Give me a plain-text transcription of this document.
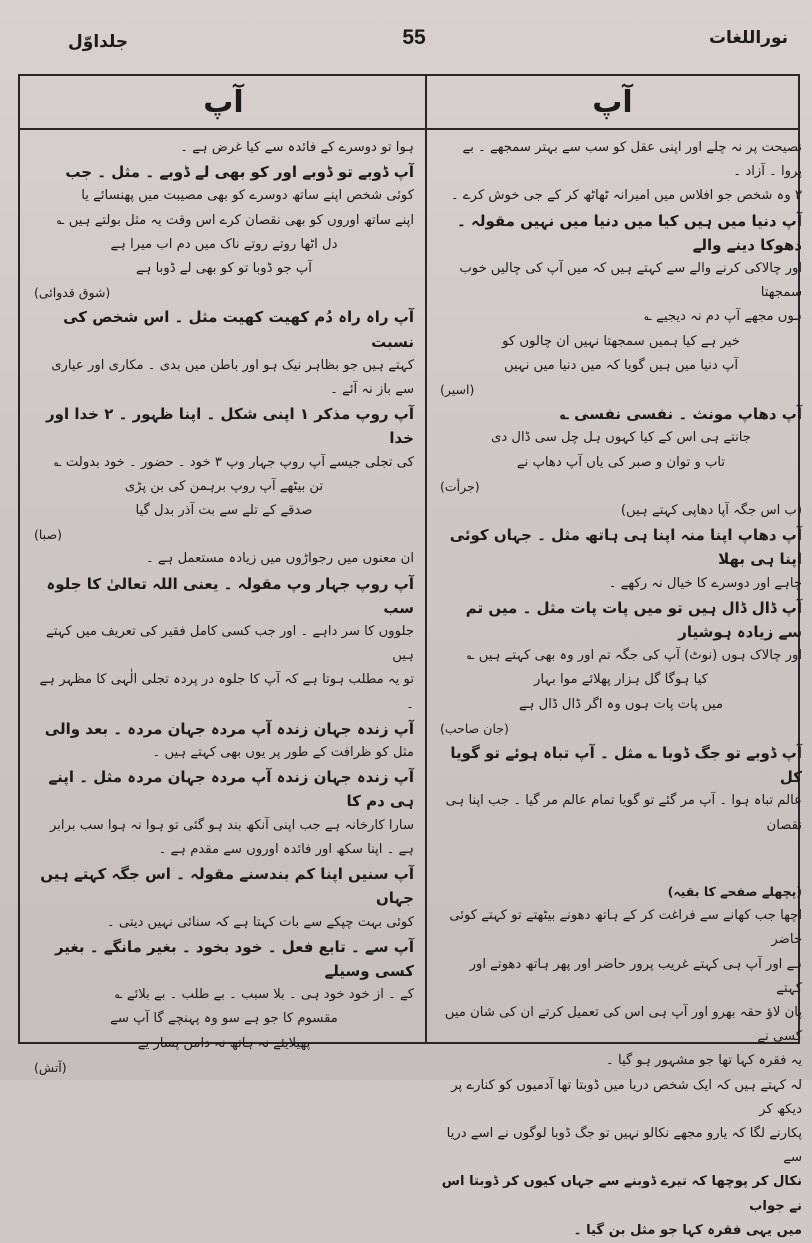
جلداوّل	55	نوراللغات
آپ	آپ

نصیحت پر نہ چلے اور اپنی عقل کو سب سے بہتر سمجھے ۔ بے پروا ۔ آزاد ۔

۳ وہ شخص جو افلاس میں امیرانہ ٹھاٹھ کر کے جی خوش کرے ۔

آپ دنیا میں ہیں کیا میں دنیا میں نہیں مقولہ ۔ دھوکا دینے والے

اور چالاکی کرنے والے سے کہتے ہیں کہ میں آپ کی چالیں خوب سمجھتا

ہوں مجھے آپ دم نہ دیجیے ؎

خیر ہے کیا ہمیں سمجھتا نہیں ان چالوں کو

آپ دنیا میں ہیں گویا کہ میں دنیا میں نہیں

(اسیر)

آپ دھاپ مونث ۔ نفسی نفسی ؎

جانتے ہی اس کے کیا کہوں ہل چل سی ڈال دی

تاب و توان و صبر کی یاں آپ دھاپ نے

(جرأت)

(ب اس جگہ آپا دھاپی کہتے ہیں)

آپ دھاپ اپنا منہ اپنا ہی ہاتھ مثل ۔ جہاں کوئی اپنا ہی بھلا

چاہے اور دوسرے کا خیال نہ رکھے ۔

آپ ڈال ڈال ہیں تو میں پات پات مثل ۔ میں تم سے زیادہ ہوشیار

اور چالاک ہوں (نوٹ) آپ کی جگہ تم اور وہ بھی کہتے ہیں ؎

کیا ہوگا گل ہزار پھلائے موا بہار

میں پات پات ہوں وہ اگر ڈال ڈال ہے

(جان صاحب)

آپ ڈوبے تو جگ ڈوبا ؎ مثل ۔ آپ تباہ ہوئے تو گویا کل

عالم تباہ ہوا ۔ آپ مر گئے تو گویا تمام عالم مر گیا ۔ جب اپنا ہی نقصان

(پچھلے صفحے کا بقیہ)

اچھا جب کھانے سے فراغت کر کے ہاتھ دھونے بیٹھتے تو کہتے کوئی حاضر

ہے اور آپ ہی کہتے غریب پرور حاضر اور پھر ہاتھ دھوتے اور کہتے

پان لاؤ حقہ بھرو اور آپ ہی اس کی تعمیل کرتے ان کی شان میں کسی نے

یہ فقرہ کہا تھا جو مشہور ہو گیا ۔

لہ کہتے ہیں کہ ایک شخص دریا میں ڈوبتا تھا آدمیوں کو کنارے پر دیکھ کر

پکارنے لگا کہ یارو مجھے نکالو نہیں تو جگ ڈوبا لوگوں نے اسے دریا سے

نکال کر پوچھا کہ تیرے ڈوبنے سے جہاں کیوں کر ڈوبتا اس نے جواب

میں یہی فقرہ کہا جو مثل بن گیا ۔

ہوا تو دوسرے کے فائدہ سے کیا غرض ہے ۔

آپ ڈوبے تو ڈوبے اور کو بھی لے ڈوبے ۔ مثل ۔ جب

کوئی شخص اپنے ساتھ دوسرے کو بھی مصیبت میں پھنسائے یا

اپنے ساتھ اوروں کو بھی نقصان کرے اس وقت یہ مثل بولتے ہیں ؎

دل اٹھا روتے روتے ناک میں دم اب میرا ہے

آپ جو ڈوبا تو کو بھی لے ڈوبا ہے

(شوق قدوائی)

آپ راہ راہ دُم کھیت کھیت مثل ۔ اس شخص کی نسبت

کہتے ہیں جو بظاہر نیک ہو اور باطن میں بدی ۔ مکاری اور عیاری

سے باز نہ آئے ۔

آپ روپ مذکر ۱ اپنی شکل ۔ اپنا ظہور ۔ ۲ خدا اور خدا

کی تجلی جیسے آپ روپ جہار وپ ۳ خود ۔ حضور ۔ خود بدولت ؎

تن بیٹھے آپ روپ برہمن کی بن پڑی

صدقے کے تلے سے بت آذر بدل گیا

(صبا)

ان معنوں میں رجواڑوں میں زیادہ مستعمل ہے ۔

آپ روپ جہار وپ مقولہ ۔ یعنی اللہ تعالیٰ کا جلوہ سب

جلووں کا سر داہے ۔ اور جب کسی کامل فقیر کی تعریف میں کہتے ہیں

تو یہ مطلب ہوتا ہے کہ آپ کا جلوہ در پردہ تجلی الٰہی کا مظہر ہے ۔

آپ زندہ جہان زندہ آپ مردہ جہان مردہ ۔ بعد والی

مثل کو ظرافت کے طور پر یوں بھی کہتے ہیں ۔

آپ زندہ جہان زندہ آپ مردہ جہان مردہ مثل ۔ اپنے ہی دم کا

سارا کارخانہ ہے جب اپنی آنکھ بند ہو گئی تو ہوا نہ ہوا سب برابر

ہے ۔ اپنا سکھ اور فائدہ اوروں سے مقدم ہے ۔

آپ سنیں اپنا کم بندسنے مقولہ ۔ اس جگہ کہتے ہیں جہاں

کوئی بہت چپکے سے بات کہتا ہے کہ سنائی نہیں دیتی ۔

آپ سے ۔ تابع فعل ۔ خود بخود ۔ بغیر مانگے ۔ بغیر کسی وسیلے

کے ۔ از خود خود ہی ۔ بلا سبب ۔ بے طلب ۔ بے بلائے ؎

مقسوم کا جو ہے سو وہ پہنچے گا آپ سے

پھیلایئے نہ ہاتھ نہ دامن پسار یے

(آتش)
